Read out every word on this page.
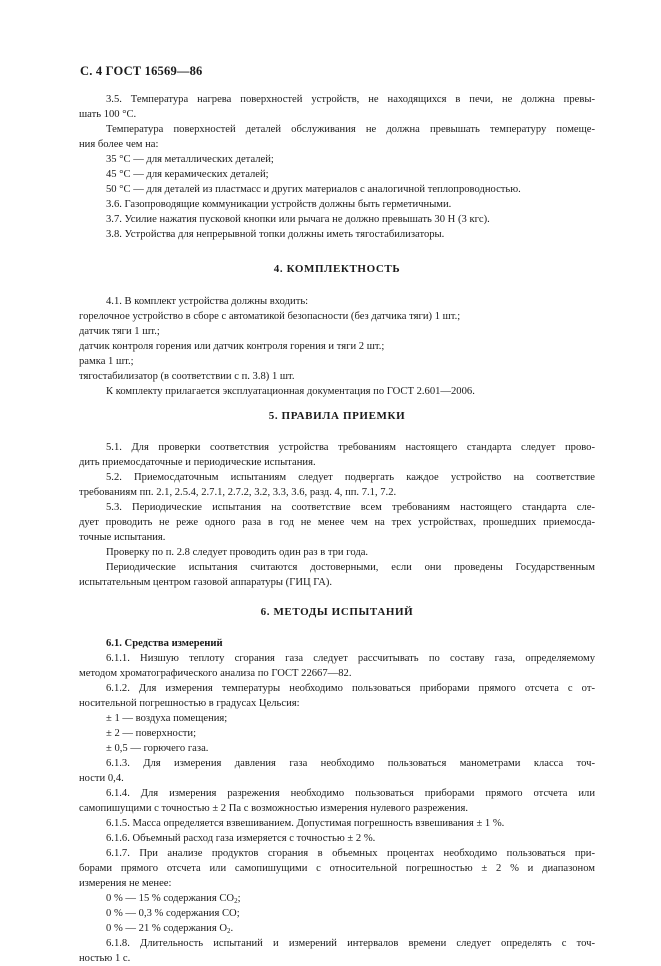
С. 4 ГОСТ 16569—86

3.5. Температура нагрева поверхностей устройств, не находящихся в печи, не должна превы-

шать 100 °С.

Температура поверхностей деталей обслуживания не должна превышать температуру помеще-

ния более чем на:

35 °С — для металлических деталей;

45 °С — для керамических деталей;

50 °С — для деталей из пластмасс и других материалов с аналогичной теплопроводностью.

3.6. Газопроводящие коммуникации устройств должны быть герметичными.

3.7. Усилие нажатия пусковой кнопки или рычага не должно превышать 30 Н (3 кгс).

3.8. Устройства для непрерывной топки должны иметь тягостабилизаторы.

4. КОМПЛЕКТНОСТЬ

4.1. В комплект устройства должны входить:

горелочное устройство в сборе с автоматикой безопасности (без датчика тяги) 1 шт.;

датчик тяги 1 шт.;

датчик контроля горения или датчик контроля горения и тяги 2 шт.;

рамка 1 шт.;

тягостабилизатор (в соответствии с п. 3.8) 1 шт.

К комплекту прилагается эксплуатационная документация по ГОСТ 2.601—2006.

5. ПРАВИЛА ПРИЕМКИ

5.1. Для проверки соответствия устройства требованиям настоящего стандарта следует прово-

дить приемосдаточные и периодические испытания.

5.2. Приемосдаточным испытаниям следует подвергать каждое устройство на соответствие

требованиям пп. 2.1, 2.5.4, 2.7.1, 2.7.2, 3.2, 3.3, 3.6, разд. 4, пп. 7.1, 7.2.

5.3. Периодические испытания на соответствие всем требованиям настоящего стандарта сле-

дует проводить не реже одного раза в год не менее чем на трех устройствах, прошедших приемосда-

точные испытания.

Проверку по п. 2.8 следует проводить один раз в три года.

Периодические испытания считаются достоверными, если они проведены Государственным

испытательным центром газовой аппаратуры (ГИЦ ГА).

6. МЕТОДЫ ИСПЫТАНИЙ

6.1. Средства измерений

6.1.1. Низшую теплоту сгорания газа следует рассчитывать по составу газа, определяемому

методом хроматографического анализа по ГОСТ 22667—82.

6.1.2. Для измерения температуры необходимо пользоваться приборами прямого отсчета с от-

носительной погрешностью в градусах Цельсия:

± 1 — воздуха помещения;

± 2 — поверхности;

± 0,5 — горючего газа.

6.1.3. Для измерения давления газа необходимо пользоваться манометрами класса точ-

ности 0,4.

6.1.4. Для измерения разрежения необходимо пользоваться приборами прямого отсчета или

самопишущими с точностью ± 2 Па с возможностью измерения нулевого разрежения.

6.1.5. Масса определяется взвешиванием. Допустимая погрешность взвешивания ± 1 %.

6.1.6. Объемный расход газа измеряется с точностью ± 2 %.

6.1.7. При анализе продуктов сгорания в объемных процентах необходимо пользоваться при-

борами прямого отсчета или самопишущими с относительной погрешностью ± 2 % и диапазоном

измерения не менее:

0 % — 15 % содержания $CO_2$;

0 % — 0,3 % содержания CO;

0 % — 21 % содержания $O_2$.

6.1.8. Длительность испытаний и измерений интервалов времени следует определять с точ-

ностью 1 с.
